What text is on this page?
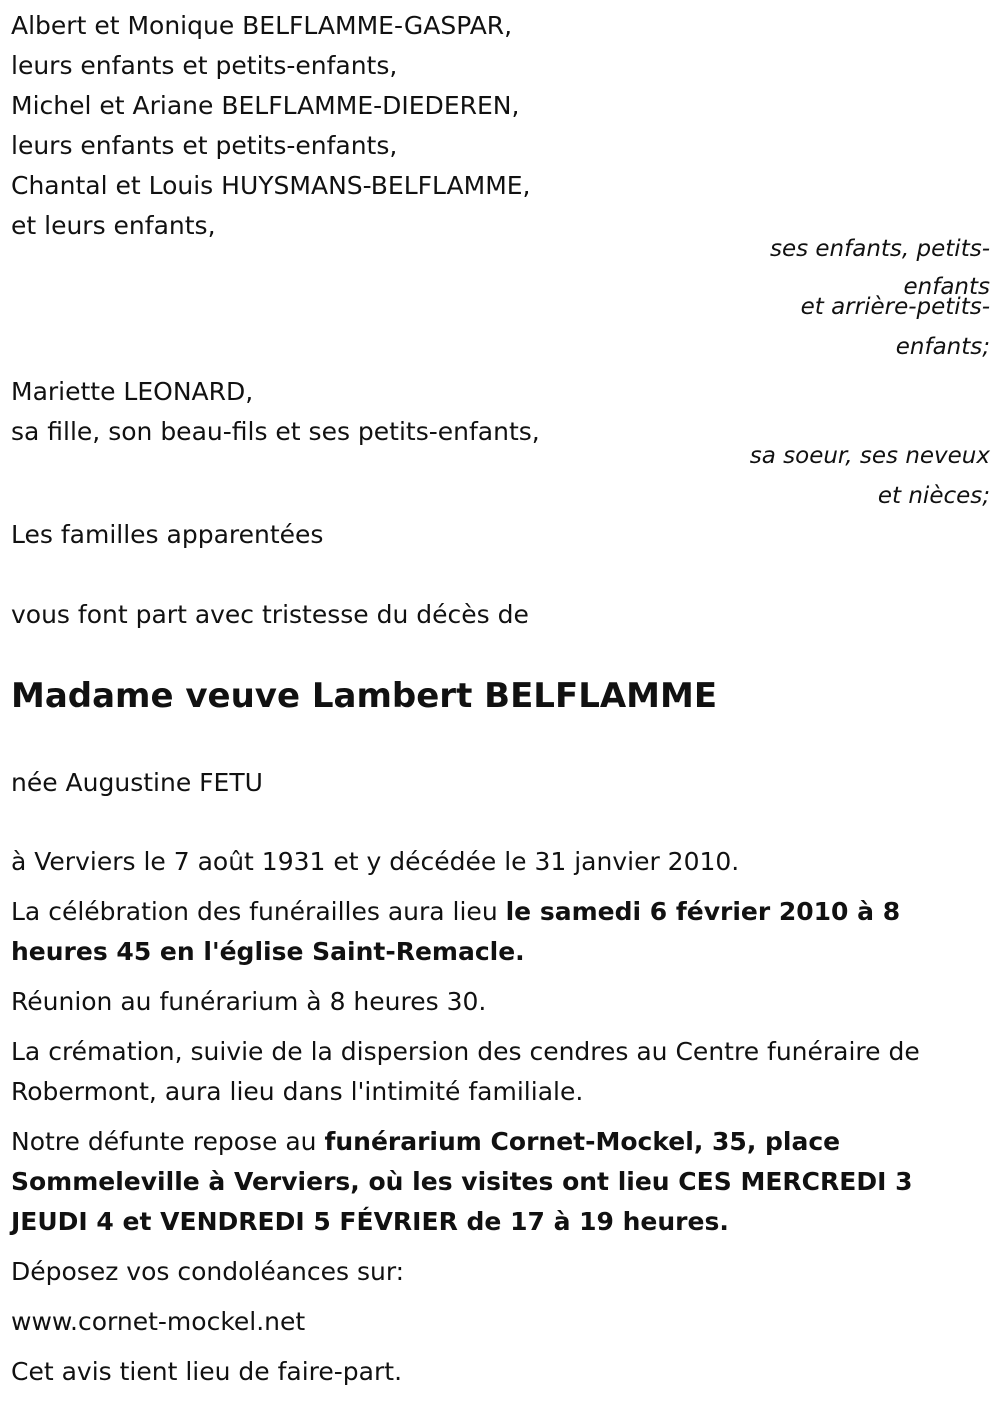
Albert et Monique BELFLAMME-GASPAR,
leurs enfants et petits-enfants,
Michel et Ariane BELFLAMME-DIEDEREN,
leurs enfants et petits-enfants,
Chantal et Louis HUYSMANS-BELFLAMME,
et leurs enfants,
ses enfants, petits-
enfants
et arrière-petits-
enfants;
Mariette LEONARD,
sa fille, son beau-fils et ses petits-enfants,
sa soeur, ses neveux
et nièces;
Les familles apparentées
vous font part avec tristesse du décès de
Madame veuve Lambert BELFLAMME
née Augustine FETU

à Verviers le 7 août 1931 et y décédée le 31 janvier 2010.

La célébration des funérailles aura lieu le samedi 6 février 2010 à 8 heures 45 en l'église Saint-Remacle.

Réunion au funérarium à 8 heures 30.

La crémation, suivie de la dispersion des cendres au Centre funéraire de Robermont, aura lieu dans l'intimité familiale.

Notre défunte repose au funérarium Cornet-Mockel, 35, place Sommeleville à Verviers, où les visites ont lieu CES MERCREDI 3 JEUDI 4 et VENDREDI 5 FÉVRIER de 17 à 19 heures.

Déposez vos condoléances sur:

www.cornet-mockel.net

Cet avis tient lieu de faire-part.
